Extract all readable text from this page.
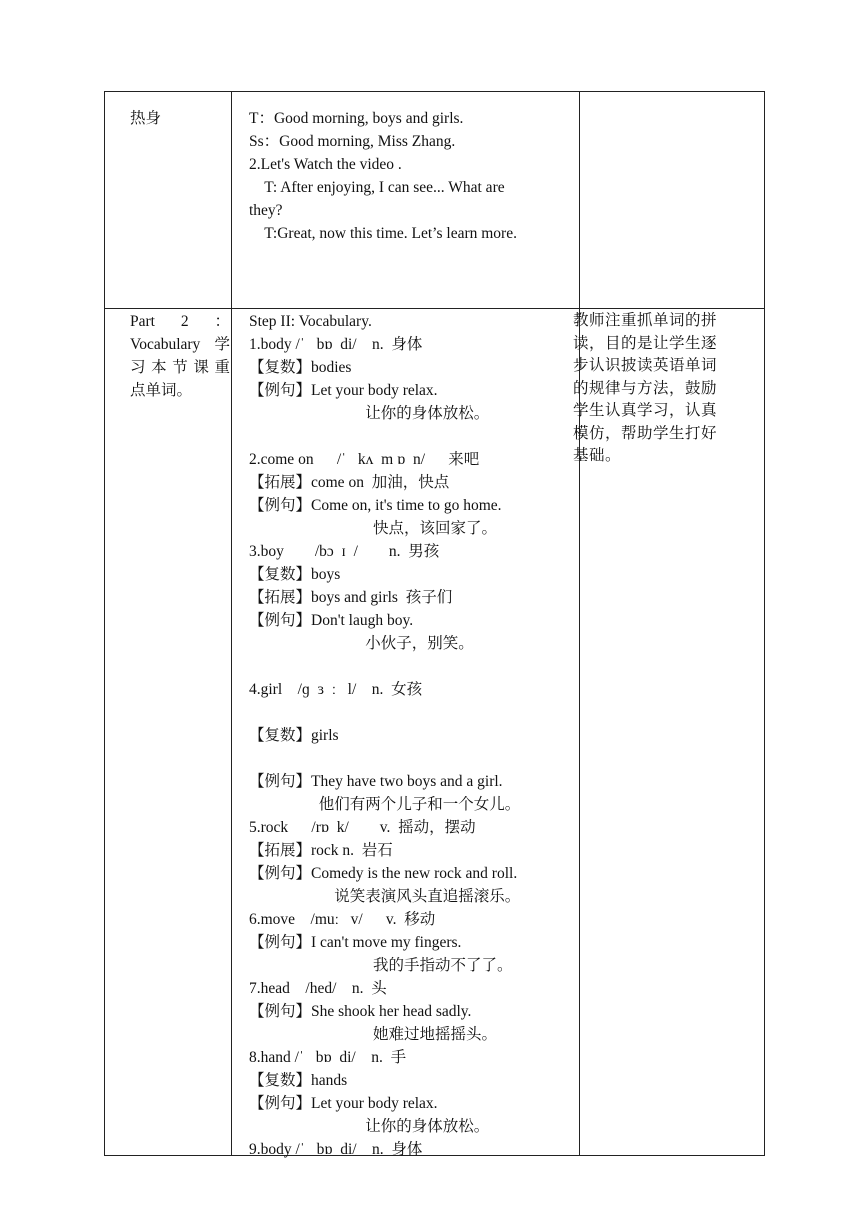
热身	T：Good morning, boys and girls.
Ss：Good morning, Miss Zhang.
2.Let's Watch the video .
T: After enjoying, I can see... What are
they?
T:Great, now this time. Let’s learn more.
Part 2 ：
Vocabulary 学
习 本 节 课 重
点单词。
Step II: Vocabulary.
1.body /ˈ   bɒ  di/    n.  身体
【复数】bodies
【例句】Let your body relax.
让你的身体放松。
2.come on      /ˈ   kʌ  m ɒ  n/      来吧
【拓展】come on  加油，快点
【例句】Come on, it's time to go home.
快点，该回家了。
3.boy        /bɔ  ɪ  /        n.  男孩
【复数】boys
【拓展】boys and girls  孩子们
【例句】Don't laugh boy.
小伙子，别笑。
4.girl    /ɡ  ɜ  ː   l/    n.  女孩
【复数】girls
【例句】They have two boys and a girl.
他们有两个儿子和一个女儿。
5.rock      /rɒ  k/        v.  摇动，摆动
【拓展】rock n.  岩石
【例句】Comedy is the new rock and roll.
说笑表演风头直追摇滚乐。
6.move    /muː   v/      v.  移动
【例句】I can't move my fingers.
我的手指动不了了。
7.head    /hed/    n.  头
【例句】She shook her head sadly.
她难过地摇摇头。
8.hand /ˈ   bɒ  di/    n.  手
【复数】hands
【例句】Let your body relax.
让你的身体放松。
9.body /ˈ   bɒ  di/    n.  身体
教师注重抓单词的拼读，目的是让学生逐步认识披读英语单词的规律与方法，鼓励学生认真学习，认真模仿，帮助学生打好基础。
